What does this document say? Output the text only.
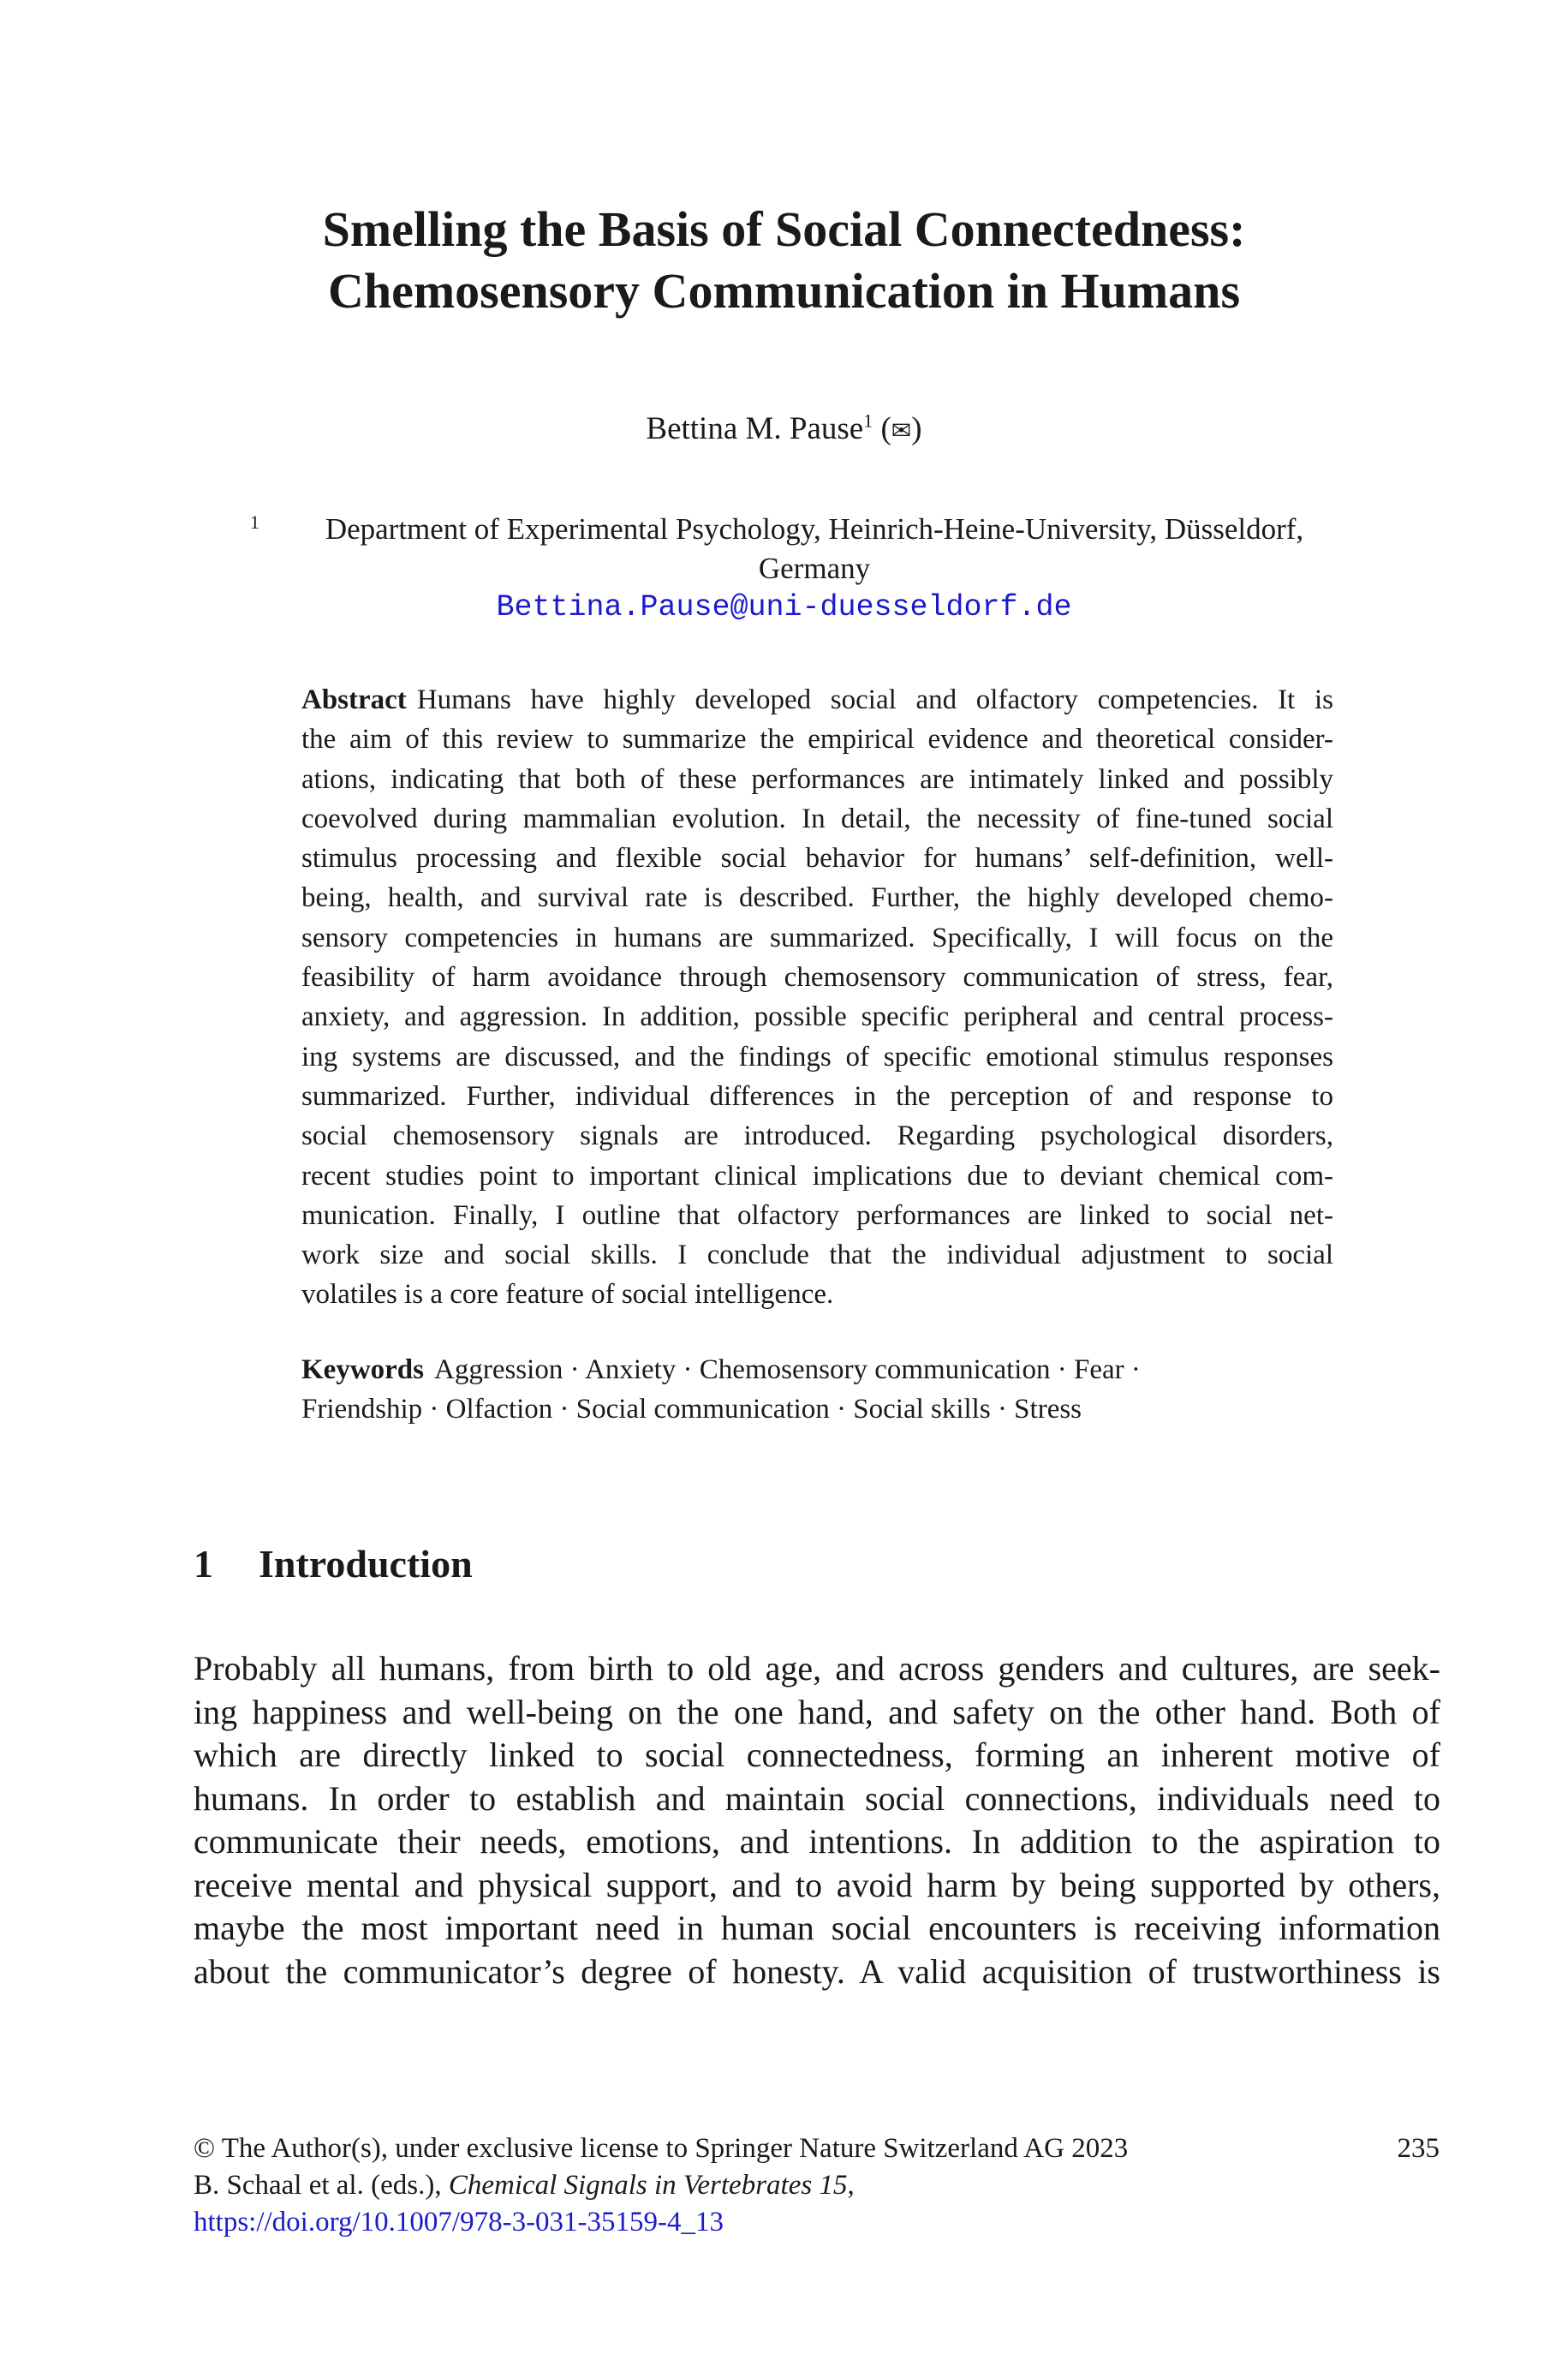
Smelling the Basis of Social Connectedness:
Chemosensory Communication in Humans
Bettina M. Pause$^1$ (✉)
1	Department of Experimental Psychology, Heinrich-Heine-University, Düsseldorf,
Germany
Bettina.Pause@uni-duesseldorf.de
Abstract Humans have highly developed social and olfactory competencies. It is
the aim of this review to summarize the empirical evidence and theoretical consider-
ations, indicating that both of these performances are intimately linked and possibly
coevolved during mammalian evolution. In detail, the necessity of fine-tuned social
stimulus processing and flexible social behavior for humans’ self-definition, well-
being, health, and survival rate is described. Further, the highly developed chemo-
sensory competencies in humans are summarized. Specifically, I will focus on the
feasibility of harm avoidance through chemosensory communication of stress, fear,
anxiety, and aggression. In addition, possible specific peripheral and central process-
ing systems are discussed, and the findings of specific emotional stimulus responses
summarized. Further, individual differences in the perception of and response to
social chemosensory signals are introduced. Regarding psychological disorders,
recent studies point to important clinical implications due to deviant chemical com-
munication. Finally, I outline that olfactory performances are linked to social net-
work size and social skills. I conclude that the individual adjustment to social
volatiles is a core feature of social intelligence.
Keywords Aggression · Anxiety · Chemosensory communication · Fear ·
Friendship · Olfaction · Social communication · Social skills · Stress
1 Introduction
Probably all humans, from birth to old age, and across genders and cultures, are seek-
ing happiness and well-being on the one hand, and safety on the other hand. Both of
which are directly linked to social connectedness, forming an inherent motive of
humans. In order to establish and maintain social connections, individuals need to
communicate their needs, emotions, and intentions. In addition to the aspiration to
receive mental and physical support, and to avoid harm by being supported by others,
maybe the most important need in human social encounters is receiving information
about the communicator’s degree of honesty. A valid acquisition of trustworthiness is
© The Author(s), under exclusive license to Springer Nature Switzerland AG 2023
B. Schaal et al. (eds.), Chemical Signals in Vertebrates 15,
https://doi.org/10.1007/978-3-031-35159-4_13
235
